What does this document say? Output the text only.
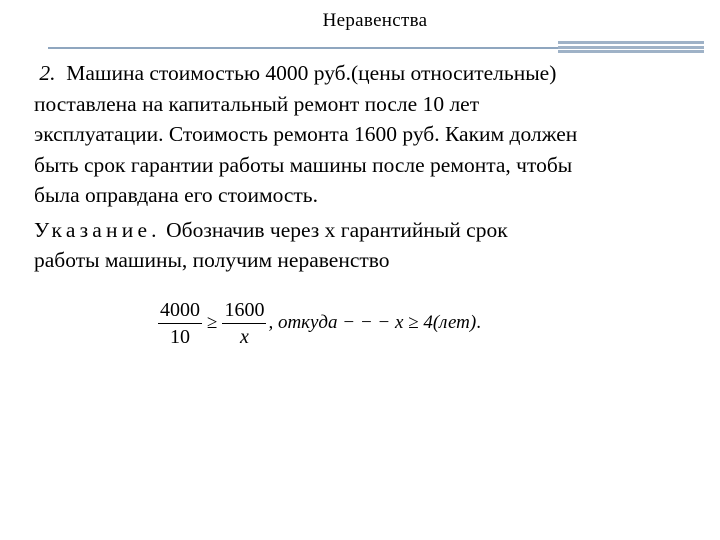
Неравенства
2. Машина стоимостью 4000 руб.(цены относительные)
поставлена на капитальный ремонт после 10 лет
эксплуатации. Стоимость ремонта 1600 руб. Каким должен
быть срок гарантии работы машины после ремонта, чтобы
была оправдана его стоимость.
Указание. Обозначив через х гарантийный срок
работы машины, получим неравенство
$\frac{4000}{10} \ge \frac{1600}{x}$ , откуда − − − x ≥ 4(лет).
